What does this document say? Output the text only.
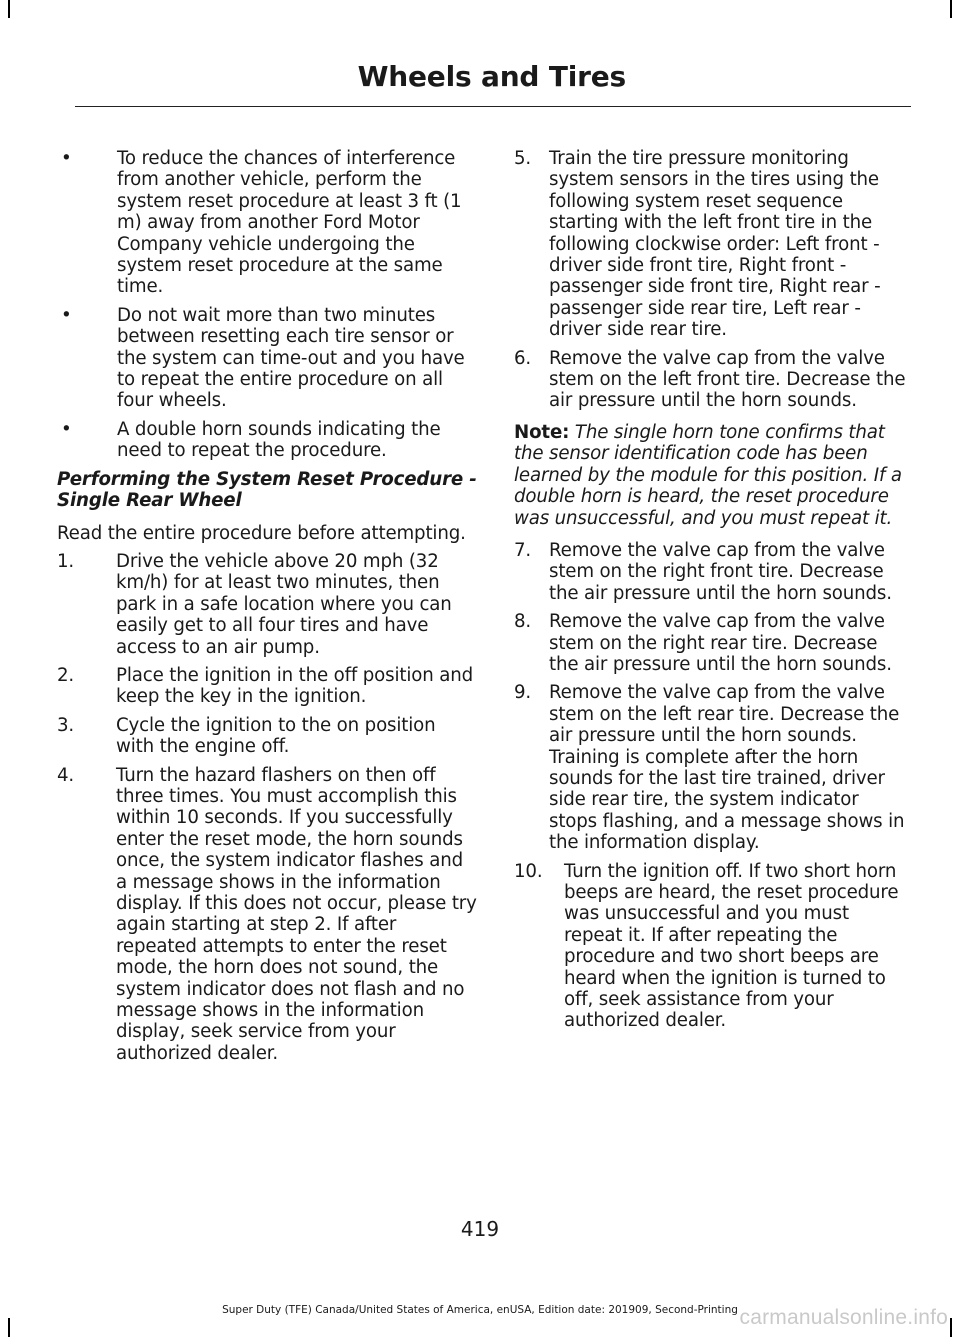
Wheels and Tires
•	To reduce the chances of interference from another vehicle, perform the system reset procedure at least 3 ft (1 m) away from another Ford Motor Company vehicle undergoing the system reset procedure at the same time.
•	Do not wait more than two minutes between resetting each tire sensor or the system can time-out and you have to repeat the entire procedure on all four wheels.
•	A double horn sounds indicating the need to repeat the procedure.
Performing the System Reset Procedure - Single Rear Wheel

Read the entire procedure before attempting.

1.	Drive the vehicle above 20 mph (32 km/h) for at least two minutes, then park in a safe location where you can easily get to all four tires and have access to an air pump.
2.	Place the ignition in the off position and keep the key in the ignition.
3.	Cycle the ignition to the on position with the engine off.
4.	Turn the hazard flashers on then off three times. You must accomplish this within 10 seconds. If you successfully enter the reset mode, the horn sounds once, the system indicator flashes and a message shows in the information display. If this does not occur, please try again starting at step 2. If after repeated attempts to enter the reset mode, the horn does not sound, the system indicator does not flash and no message shows in the information display, seek service from your authorized dealer.
5. Train the tire pressure monitoring system sensors in the tires using the following system reset sequence starting with the left front tire in the following clockwise order: Left front - driver side front tire, Right front - passenger side front tire, Right rear - passenger side rear tire, Left rear - driver side rear tire.
6. Remove the valve cap from the valve stem on the left front tire. Decrease the air pressure until the horn sounds.

Note: The single horn tone confirms that the sensor identification code has been learned by the module for this position. If a double horn is heard, the reset procedure was unsuccessful, and you must repeat it.

7. Remove the valve cap from the valve stem on the right front tire. Decrease the air pressure until the horn sounds.
8. Remove the valve cap from the valve stem on the right rear tire. Decrease the air pressure until the horn sounds.
9. Remove the valve cap from the valve stem on the left rear tire. Decrease the air pressure until the horn sounds. Training is complete after the horn sounds for the last tire trained, driver side rear tire, the system indicator stops flashing, and a message shows in the information display.
10.	Turn the ignition off. If two short horn beeps are heard, the reset procedure was unsuccessful and you must repeat it. If after repeating the procedure and two short beeps are heard when the ignition is turned to off, seek assistance from your authorized dealer.
419
Super Duty (TFE) Canada/United States of America, enUSA, Edition date: 201909, Second-Printing carmanualsonline.info
